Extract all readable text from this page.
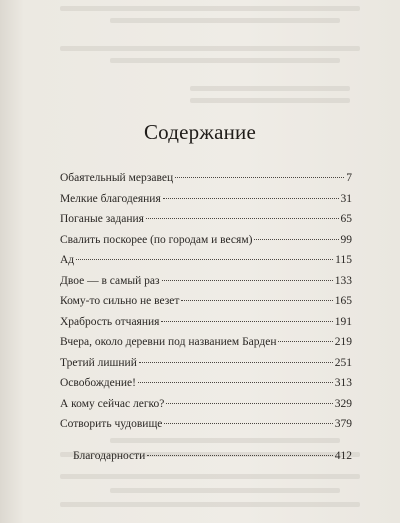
Содержание
Обаятельный мерзавец	7
Мелкие благодеяния	31
Поганые задания	65
Свалить поскорее (по городам и весям)	99
Ад	115
Двое — в самый раз	133
Кому-то сильно не везет	165
Храбрость отчаяния	191
Вчера, около деревни под названием Барден	219
Третий лишний	251
Освобождение!	313
А кому сейчас легко?	329
Сотворить чудовище	379
Благодарности	412
